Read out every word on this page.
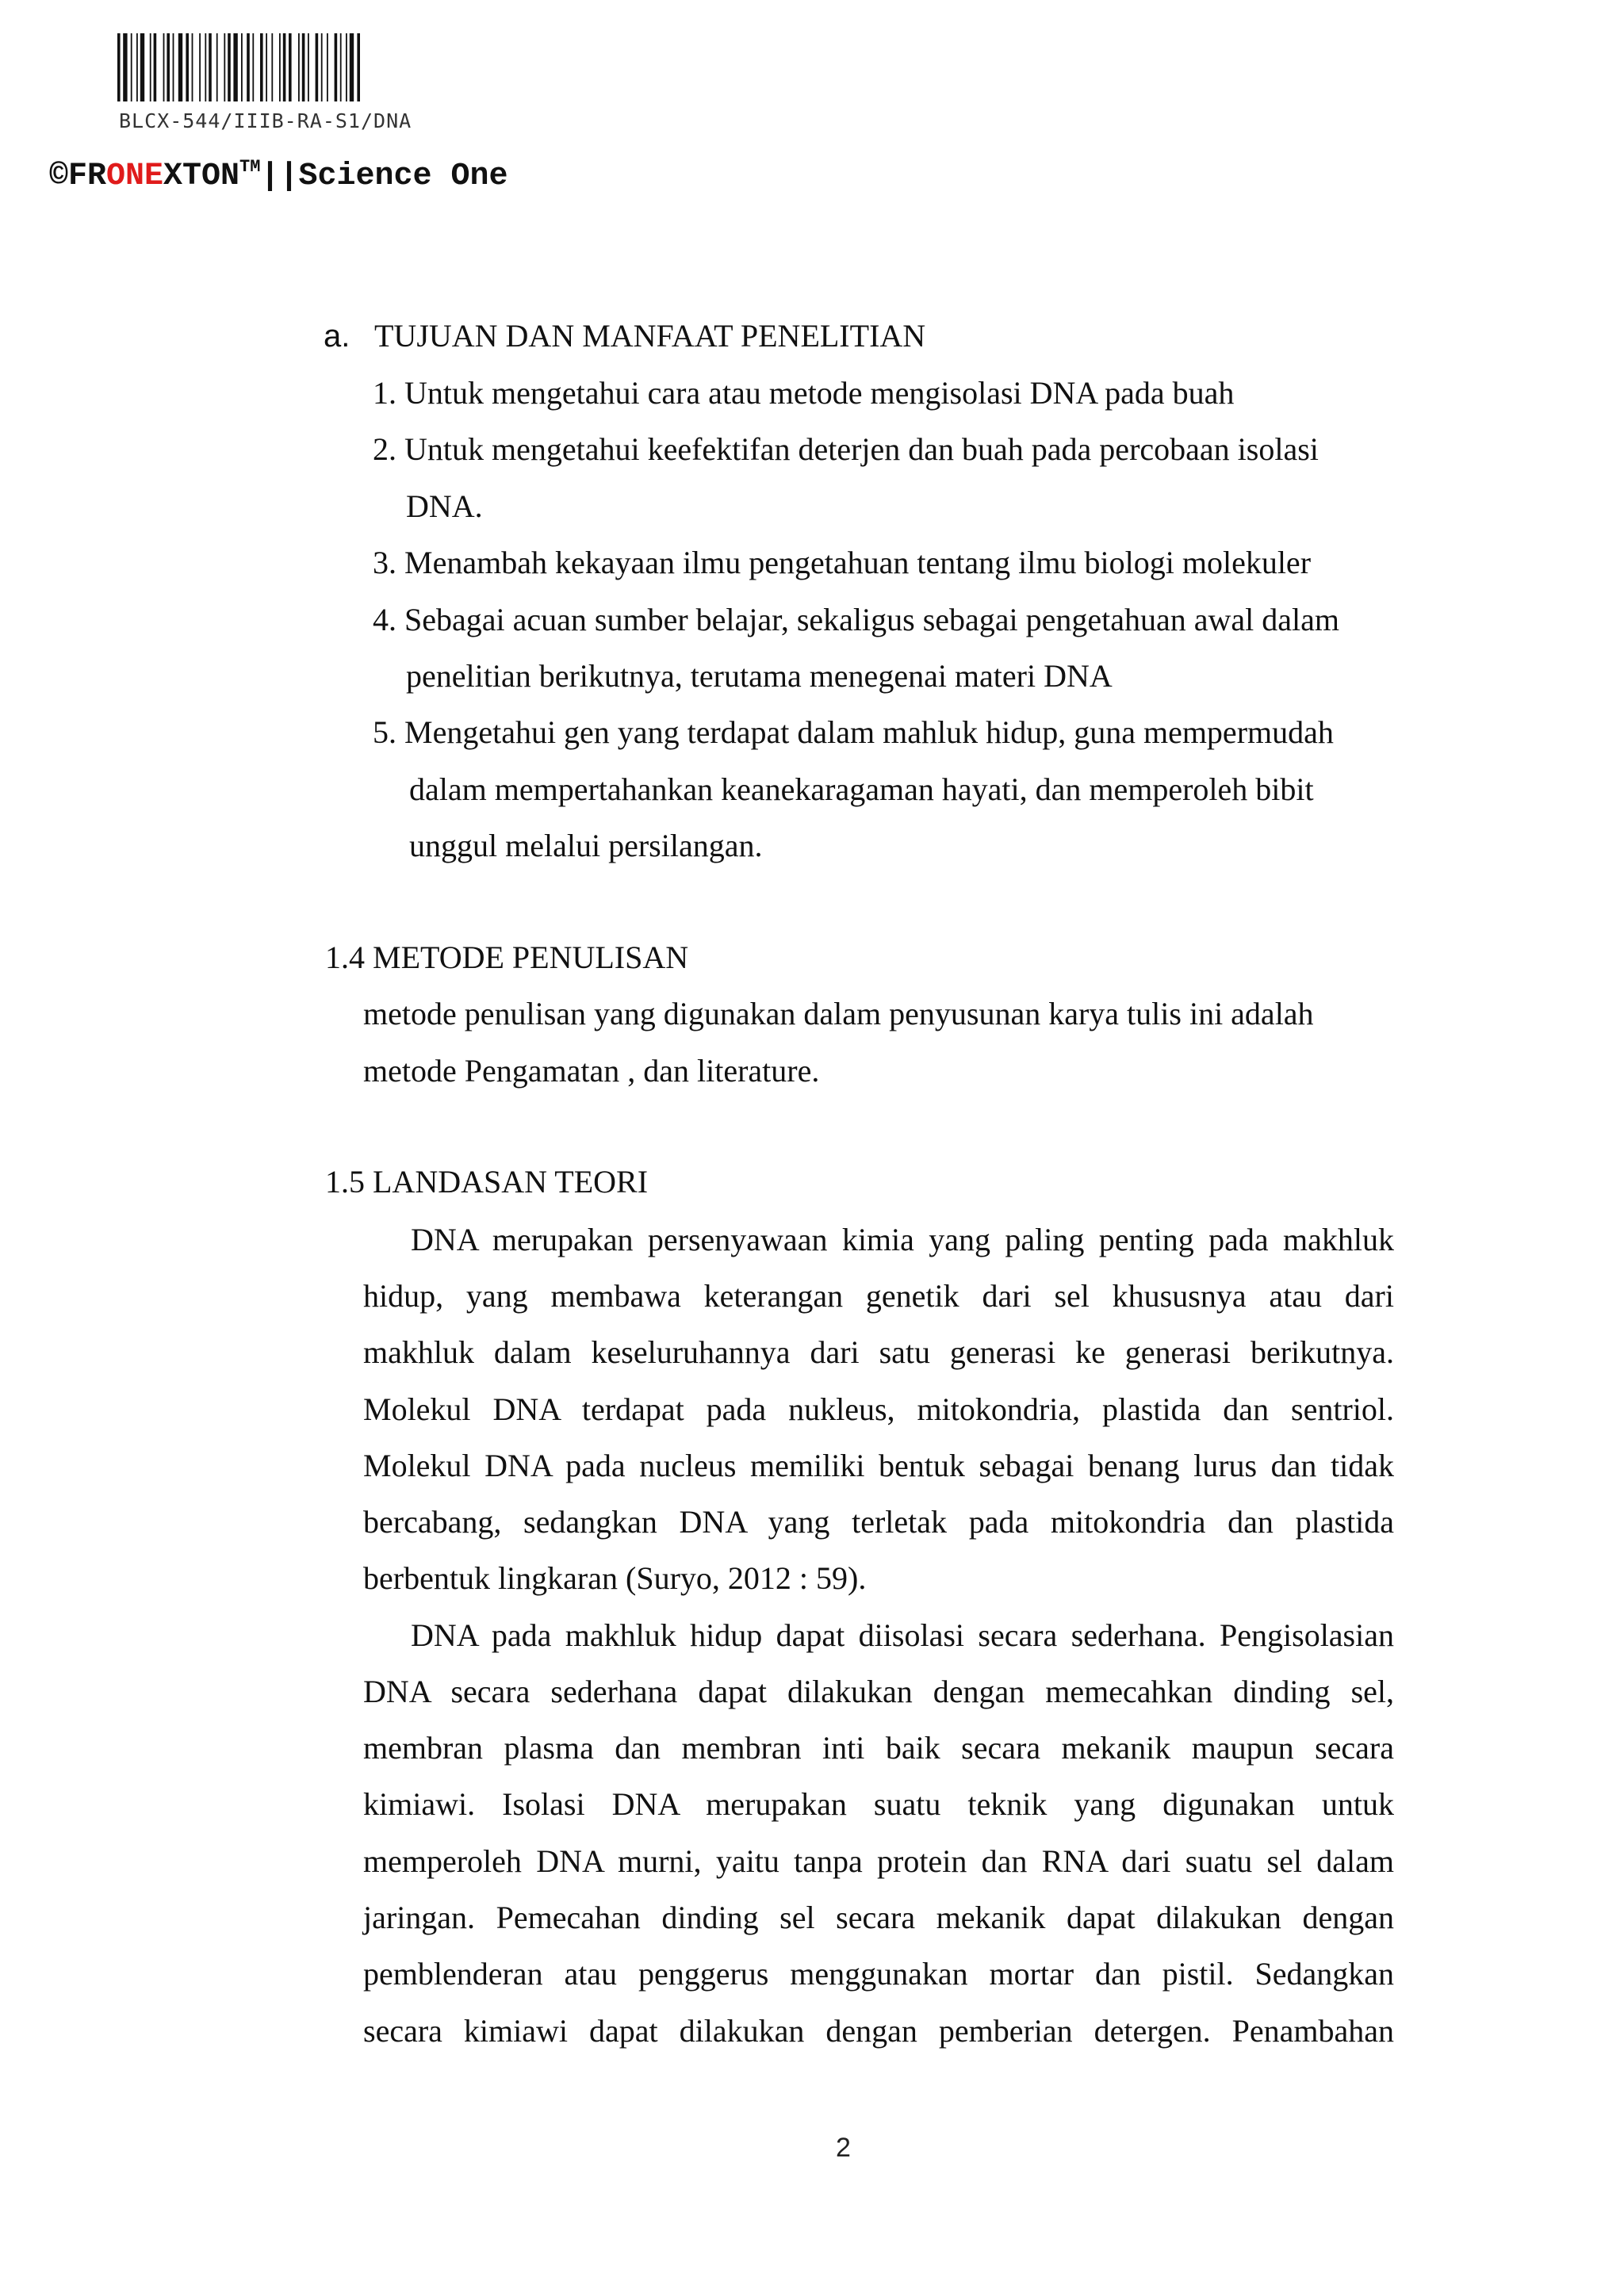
BLCX-544/IIIB-RA-S1/DNA
©FRONEXTON™||Science One
a. TUJUAN DAN MANFAAT PENELITIAN
1. Untuk mengetahui cara atau metode mengisolasi DNA pada buah
2. Untuk mengetahui keefektifan deterjen dan buah pada percobaan isolasi
DNA.
3. Menambah kekayaan ilmu pengetahuan tentang ilmu biologi molekuler
4. Sebagai acuan sumber belajar, sekaligus sebagai pengetahuan awal dalam
penelitian berikutnya, terutama menegenai materi DNA
5. Mengetahui gen yang terdapat dalam mahluk hidup, guna mempermudah
dalam mempertahankan keanekaragaman hayati, dan memperoleh bibit
unggul melalui persilangan.
1.4 METODE PENULISAN
metode penulisan yang digunakan dalam penyusunan karya tulis ini adalah
metode Pengamatan , dan literature.
1.5 LANDASAN TEORI
DNA merupakan persenyawaan kimia yang paling penting pada makhluk
hidup, yang membawa keterangan genetik dari sel khususnya atau dari
makhluk dalam keseluruhannya dari satu generasi ke generasi berikutnya.
Molekul DNA terdapat pada nukleus, mitokondria, plastida dan sentriol.
Molekul DNA pada nucleus memiliki bentuk sebagai benang lurus dan tidak
bercabang, sedangkan DNA yang terletak pada mitokondria dan plastida
berbentuk lingkaran (Suryo, 2012 : 59).
DNA pada makhluk hidup dapat diisolasi secara sederhana. Pengisolasian
DNA secara sederhana dapat dilakukan dengan memecahkan dinding sel,
membran plasma dan membran inti baik secara mekanik maupun secara
kimiawi. Isolasi DNA merupakan suatu teknik yang digunakan untuk
memperoleh DNA murni, yaitu tanpa protein dan RNA dari suatu sel dalam
jaringan. Pemecahan dinding sel secara mekanik dapat dilakukan dengan
pemblenderan atau penggerus menggunakan mortar dan pistil. Sedangkan
secara kimiawi dapat dilakukan dengan pemberian detergen. Penambahan
2
